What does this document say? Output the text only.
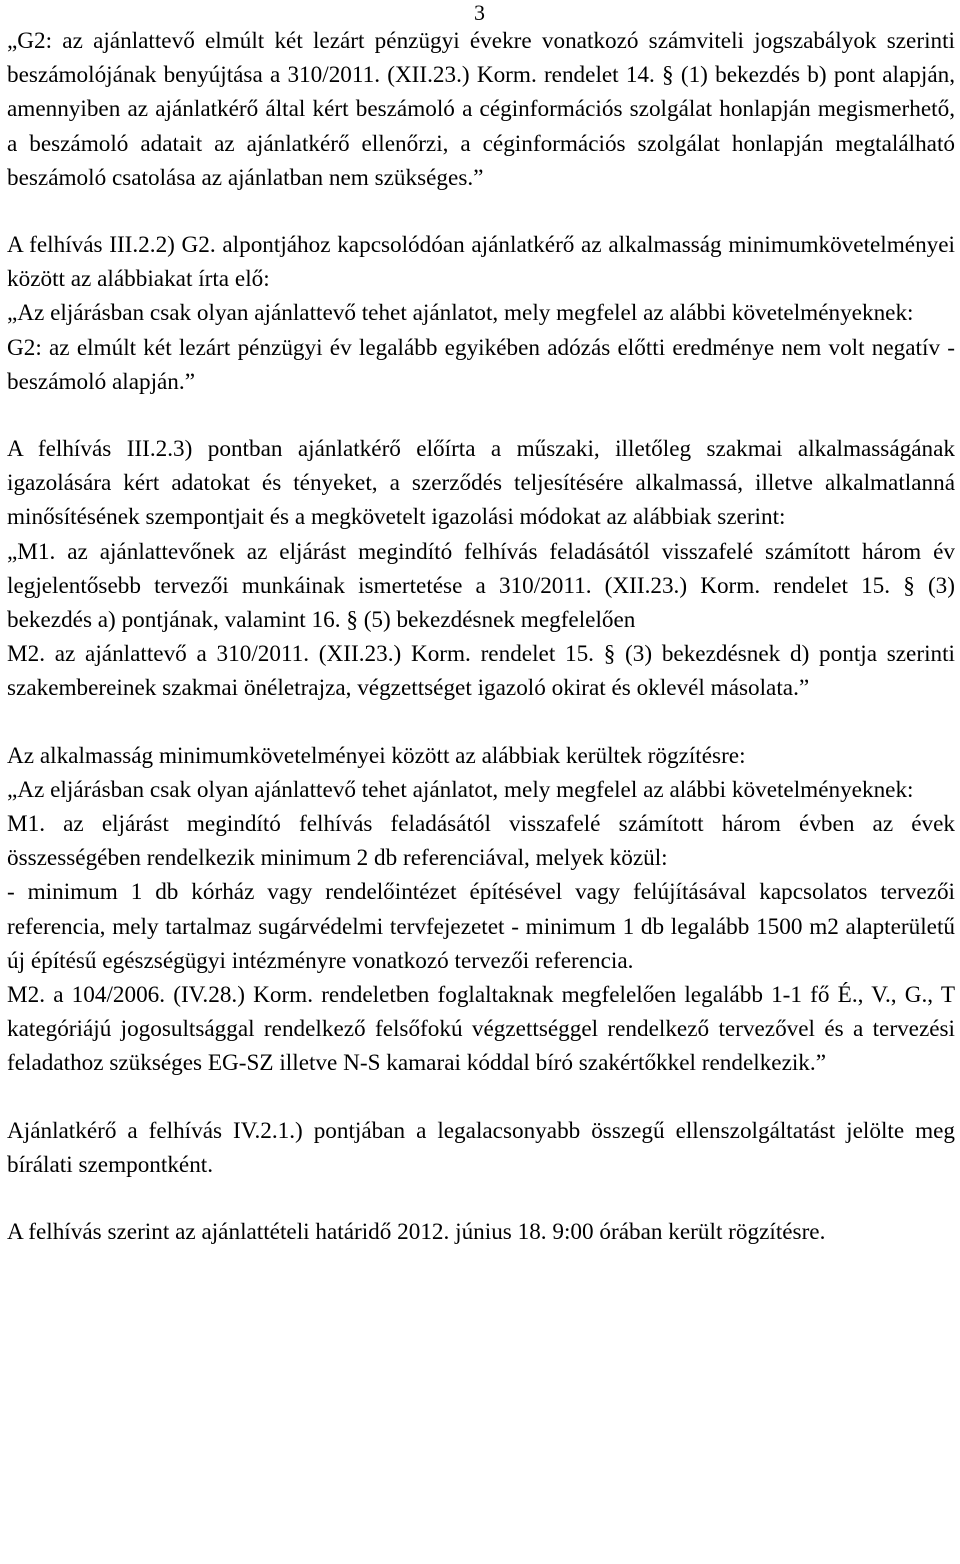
3

„G2: az ajánlattevő elmúlt két lezárt pénzügyi évekre vonatkozó számviteli jogszabályok szerinti beszámolójának benyújtása a 310/2011. (XII.23.) Korm. rendelet 14. § (1) bekezdés b) pont alapján, amennyiben az ajánlatkérő által kért beszámoló a céginformációs szolgálat honlapján megismerhető, a beszámoló adatait az ajánlatkérő ellenőrzi, a céginformációs szolgálat honlapján megtalálható beszámoló csatolása az ajánlatban nem szükséges.”

A felhívás III.2.2) G2. alpontjához kapcsolódóan ajánlatkérő az alkalmasság minimumkövetelményei között az alábbiakat írta elő:

„Az eljárásban csak olyan ajánlattevő tehet ajánlatot, mely megfelel az alábbi követelményeknek:

G2: az elmúlt két lezárt pénzügyi év legalább egyikében adózás előtti eredménye nem volt negatív - beszámoló alapján.”

A felhívás III.2.3) pontban ajánlatkérő előírta a műszaki, illetőleg szakmai alkalmasságának igazolására kért adatokat és tényeket, a szerződés teljesítésére alkalmassá, illetve alkalmatlanná minősítésének szempontjait és a megkövetelt igazolási módokat az alábbiak szerint:

„M1. az ajánlattevőnek az eljárást megindító felhívás feladásától visszafelé számított három év legjelentősebb tervezői munkáinak ismertetése a 310/2011. (XII.23.) Korm. rendelet 15. § (3) bekezdés a) pontjának, valamint 16. § (5) bekezdésnek megfelelően

M2. az ajánlattevő a 310/2011. (XII.23.) Korm. rendelet 15. § (3) bekezdésnek d) pontja szerinti szakembereinek szakmai önéletrajza, végzettséget igazoló okirat és oklevél másolata.”

Az alkalmasság minimumkövetelményei között az alábbiak kerültek rögzítésre:

„Az eljárásban csak olyan ajánlattevő tehet ajánlatot, mely megfelel az alábbi követelményeknek:

M1. az eljárást megindító felhívás feladásától visszafelé számított három évben az évek összességében rendelkezik minimum 2 db referenciával, melyek közül:

- minimum 1 db kórház vagy rendelőintézet építésével vagy felújításával kapcsolatos tervezői referencia, mely tartalmaz sugárvédelmi tervfejezetet - minimum 1 db legalább 1500 m2 alapterületű új építésű egészségügyi intézményre vonatkozó tervezői referencia.

M2. a 104/2006. (IV.28.) Korm. rendeletben foglaltaknak megfelelően legalább 1-1 fő É., V., G., T kategóriájú jogosultsággal rendelkező felsőfokú végzettséggel rendelkező tervezővel és a tervezési feladathoz szükséges EG-SZ illetve N-S kamarai kóddal bíró szakértőkkel rendelkezik.”

Ajánlatkérő a felhívás IV.2.1.) pontjában a legalacsonyabb összegű ellenszolgáltatást jelölte meg bírálati szempontként.

A felhívás szerint az ajánlattételi határidő 2012. június 18. 9:00 órában került rögzítésre.
